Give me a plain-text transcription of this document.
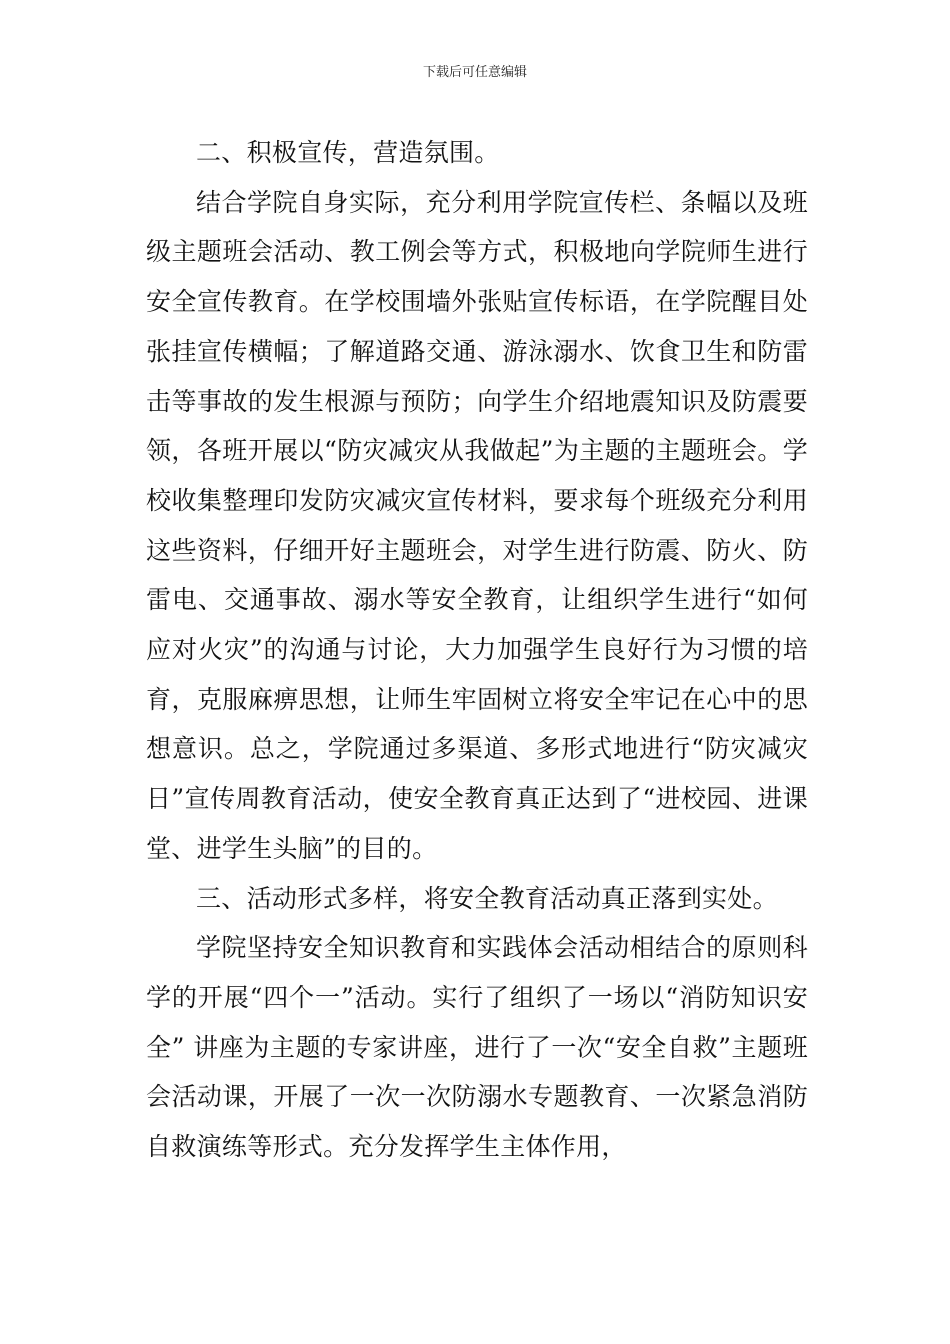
下载后可任意编辑

二、积极宣传，营造氛围。

结合学院自身实际，充分利用学院宣传栏、条幅以及班级主题班会活动、教工例会等方式，积极地向学院师生进行安全宣传教育。在学校围墙外张贴宣传标语，在学院醒目处张挂宣传横幅；了解道路交通、游泳溺水、饮食卫生和防雷击等事故的发生根源与预防；向学生介绍地震知识及防震要领，各班开展以“防灾减灾从我做起”为主题的主题班会。学校收集整理印发防灾减灾宣传材料，要求每个班级充分利用这些资料，仔细开好主题班会，对学生进行防震、防火、防雷电、交通事故、溺水等安全教育，让组织学生进行“如何应对火灾”的沟通与讨论，大力加强学生良好行为习惯的培育，克服麻痹思想，让师生牢固树立将安全牢记在心中的思想意识。总之，学院通过多渠道、多形式地进行“防灾减灾日”宣传周教育活动，使安全教育真正达到了“进校园、进课堂、进学生头脑”的目的。

三、活动形式多样，将安全教育活动真正落到实处。

学院坚持安全知识教育和实践体会活动相结合的原则科学的开展“四个一”活动。实行了组织了一场以“消防知识安全” 讲座为主题的专家讲座，进行了一次“安全自救”主题班会活动课，开展了一次一次防溺水专题教育、一次紧急消防自救演练等形式。充分发挥学生主体作用，
